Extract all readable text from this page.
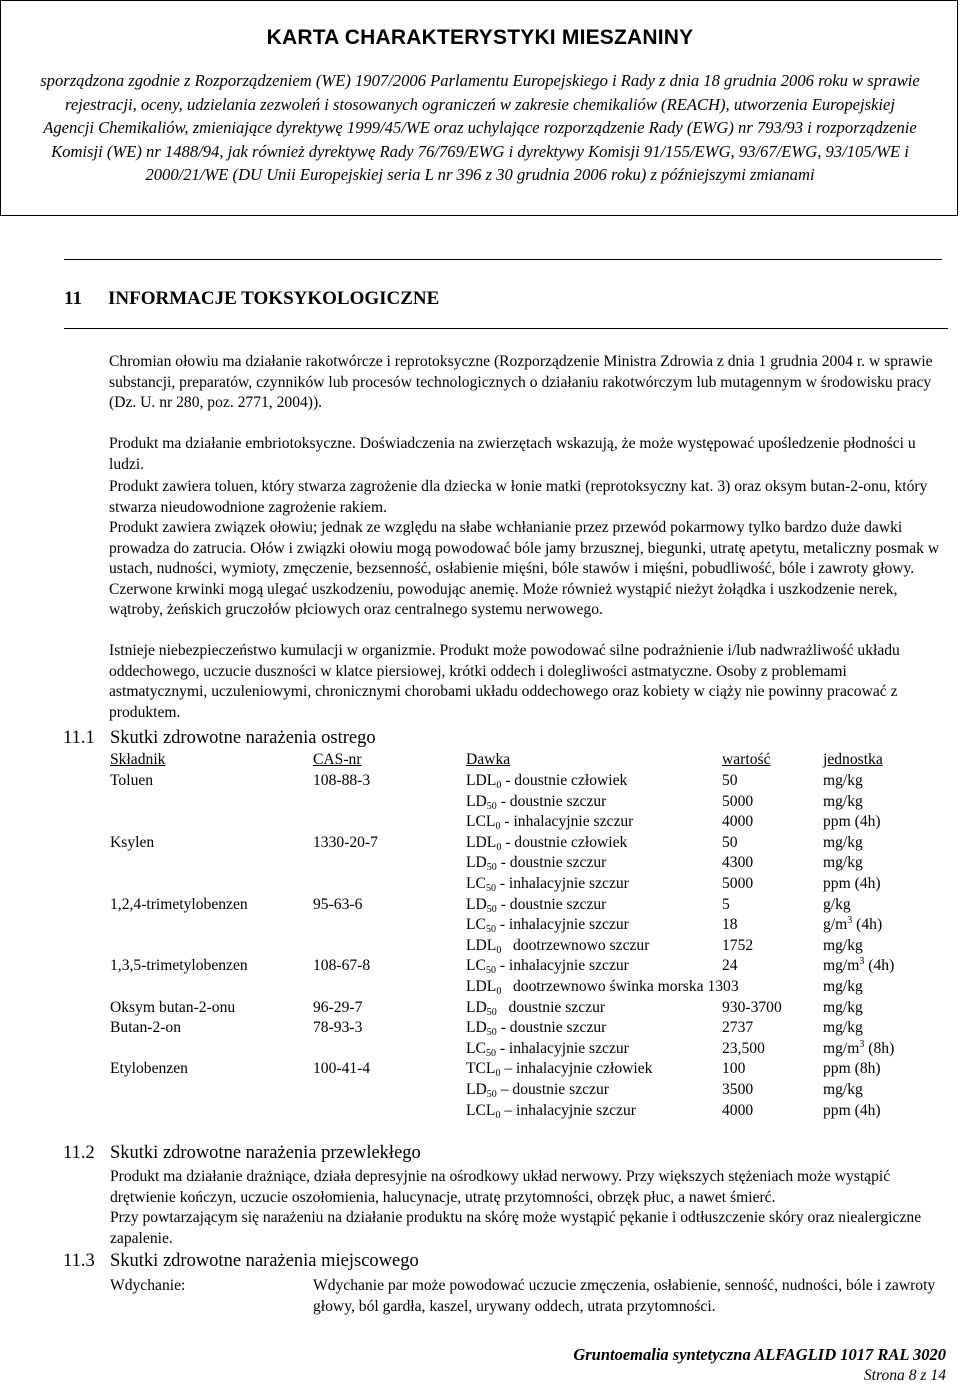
KARTA CHARAKTERYSTYKI MIESZANINY
sporządzona zgodnie z Rozporządzeniem (WE) 1907/2006 Parlamentu Europejskiego i Rady z dnia 18 grudnia 2006 roku w sprawie rejestracji, oceny, udzielania zezwoleń i stosowanych ograniczeń w zakresie chemikaliów (REACH), utworzenia Europejskiej Agencji Chemikaliów, zmieniające dyrektywę 1999/45/WE oraz uchylające rozporządzenie Rady (EWG) nr 793/93 i rozporządzenie Komisji (WE) nr 1488/94, jak również dyrektywę Rady 76/769/EWG i dyrektywy Komisji 91/155/EWG, 93/67/EWG, 93/105/WE i 2000/21/WE (DU Unii Europejskiej seria L nr 396 z 30 grudnia 2006 roku) z późniejszymi zmianami
11 INFORMACJE TOKSYKOLOGICZNE
Chromian ołowiu ma działanie rakotwórcze i reprotoksyczne (Rozporządzenie Ministra Zdrowia z dnia 1 grudnia 2004 r. w sprawie substancji, preparatów, czynników lub procesów technologicznych o działaniu rakotwórczym lub mutagennym w środowisku pracy (Dz. U. nr 280, poz. 2771, 2004)).
Produkt ma działanie embriotoksyczne. Doświadczenia na zwierzętach wskazują, że może występować upośledzenie płodności u ludzi.
Produkt zawiera toluen, który stwarza zagrożenie dla dziecka w łonie matki (reprotoksyczny kat. 3) oraz oksym butan-2-onu, który stwarza nieudowodnione zagrożenie rakiem.
Produkt zawiera związek ołowiu; jednak ze względu na słabe wchłanianie przez przewód pokarmowy tylko bardzo duże dawki prowadza do zatrucia. Ołów i związki ołowiu mogą powodować bóle jamy brzusznej, biegunki, utratę apetytu, metaliczny posmak w ustach, nudności, wymioty, zmęczenie, bezsenność, osłabienie mięśni, bóle stawów i mięśni, pobudliwość, bóle i zawroty głowy. Czerwone krwinki mogą ulegać uszkodzeniu, powodując anemię. Może również wystąpić nieżyt żołądka i uszkodzenie nerek, wątroby, żeńskich gruczołów płciowych oraz centralnego systemu nerwowego.
Istnieje niebezpieczeństwo kumulacji w organizmie. Produkt może powodować silne podrażnienie i/lub nadwrażliwość układu oddechowego, uczucie duszności w klatce piersiowej, krótki oddech i dolegliwości astmatyczne. Osoby z problemami astmatycznymi, uczuleniowymi, chronicznymi chorobami układu oddechowego oraz kobiety w ciąży nie powinny pracować z produktem.
11.1 Skutki zdrowotne narażenia ostrego
Składnik	CAS-nr	Dawka	wartość	jednostka
Toluen	108-88-3	LDL0 - doustnie człowiek	50	mg/kg
LD50 - doustnie szczur	5000	mg/kg
LCL0 - inhalacyjnie szczur	4000	ppm (4h)
Ksylen	1330-20-7	LDL0 - doustnie człowiek	50	mg/kg
LD50 - doustnie szczur	4300	mg/kg
LC50 - inhalacyjnie szczur	5000	ppm (4h)
1,2,4-trimetylobenzen	95-63-6	LD50 - doustnie szczur	5	g/kg
LC50 - inhalacyjnie szczur	18	$g/m^3$ (4h)
LDL0   dootrzewnowo szczur	1752	mg/kg
1,3,5-trimetylobenzen	108-67-8	LC50 - inhalacyjnie szczur	24	$mg/m^3$ (4h)
LDL0   dootrzewnowo świnka morska 1303	mg/kg
Oksym butan-2-onu	96-29-7	LD50   doustnie szczur	930-3700	mg/kg
Butan-2-on	78-93-3	LD50 - doustnie szczur	2737	mg/kg
LC50 - inhalacyjnie szczur	23,500	$mg/m^3$ (8h)
Etylobenzen	100-41-4	TCL0 – inhalacyjnie człowiek	100	ppm (8h)
LD50 – doustnie szczur	3500	mg/kg
LCL0 – inhalacyjnie szczur	4000	ppm (4h)
11.2 Skutki zdrowotne narażenia przewlekłego
Produkt ma działanie drażniące, działa depresyjnie na ośrodkowy układ nerwowy. Przy większych stężeniach może wystąpić drętwienie kończyn, uczucie oszołomienia, halucynacje, utratę przytomności, obrzęk płuc, a nawet śmierć.
Przy powtarzającym się narażeniu na działanie produktu na skórę może wystąpić pękanie i odtłuszczenie skóry oraz niealergiczne zapalenie.
11.3 Skutki zdrowotne narażenia miejscowego
Wdychanie:	Wdychanie par może powodować uczucie zmęczenia, osłabienie, senność, nudności, bóle i zawroty głowy, ból gardła, kaszel, urywany oddech, utrata przytomności.
Gruntoemalia syntetyczna ALFAGLID 1017 RAL 3020
Strona 8 z 14
